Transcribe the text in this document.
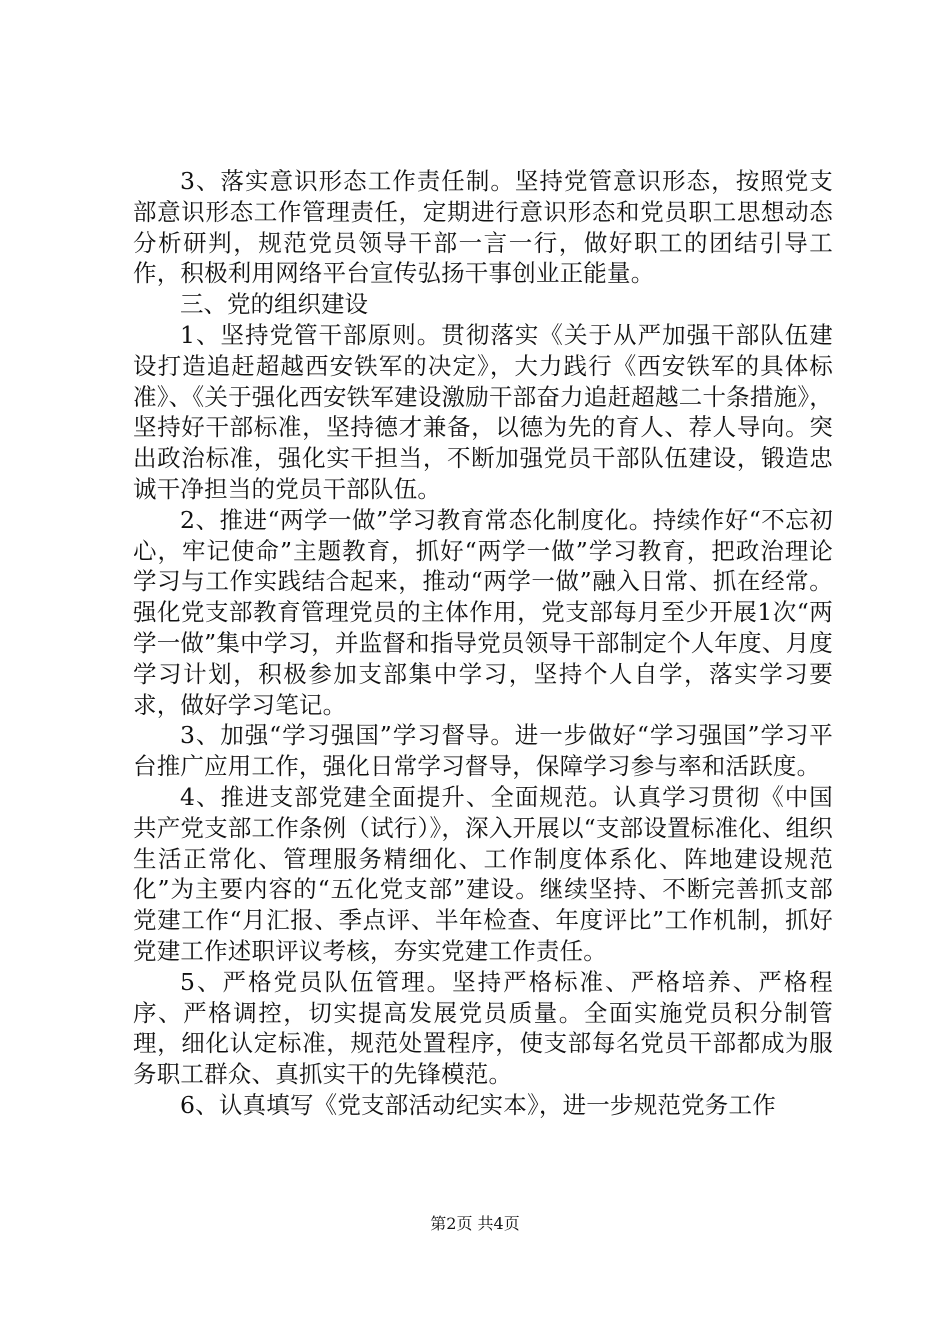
3、落实意识形态工作责任制。坚持党管意识形态，按照党支部意识形态工作管理责任，定期进行意识形态和党员职工思想动态分析研判，规范党员领导干部一言一行，做好职工的团结引导工作，积极利用网络平台宣传弘扬干事创业正能量。

三、党的组织建设

1、坚持党管干部原则。贯彻落实《关于从严加强干部队伍建设打造追赶超越西安铁军的决定》，大力践行《西安铁军的具体标准》、《关于强化西安铁军建设激励干部奋力追赶超越二十条措施》，坚持好干部标准，坚持德才兼备，以德为先的育人、荐人导向。突出政治标准，强化实干担当，不断加强党员干部队伍建设，锻造忠诚干净担当的党员干部队伍。

2、推进“两学一做”学习教育常态化制度化。持续作好“不忘初心，牢记使命”主题教育，抓好“两学一做”学习教育，把政治理论学习与工作实践结合起来，推动“两学一做”融入日常、抓在经常。强化党支部教育管理党员的主体作用，党支部每月至少开展1次“两学一做”集中学习，并监督和指导党员领导干部制定个人年度、月度学习计划，积极参加支部集中学习，坚持个人自学，落实学习要求，做好学习笔记。

3、加强“学习强国”学习督导。进一步做好“学习强国”学习平台推广应用工作，强化日常学习督导，保障学习参与率和活跃度。

4、推进支部党建全面提升、全面规范。认真学习贯彻《中国共产党支部工作条例（试行）》，深入开展以“支部设置标准化、组织生活正常化、管理服务精细化、工作制度体系化、阵地建设规范化”为主要内容的“五化党支部”建设。继续坚持、不断完善抓支部党建工作“月汇报、季点评、半年检查、年度评比”工作机制，抓好党建工作述职评议考核，夯实党建工作责任。

5、严格党员队伍管理。坚持严格标准、严格培养、严格程序、严格调控，切实提高发展党员质量。全面实施党员积分制管理，细化认定标准，规范处置程序，使支部每名党员干部都成为服务职工群众、真抓实干的先锋模范。

6、认真填写《党支部活动纪实本》，进一步规范党务工作

第2页 共4页
